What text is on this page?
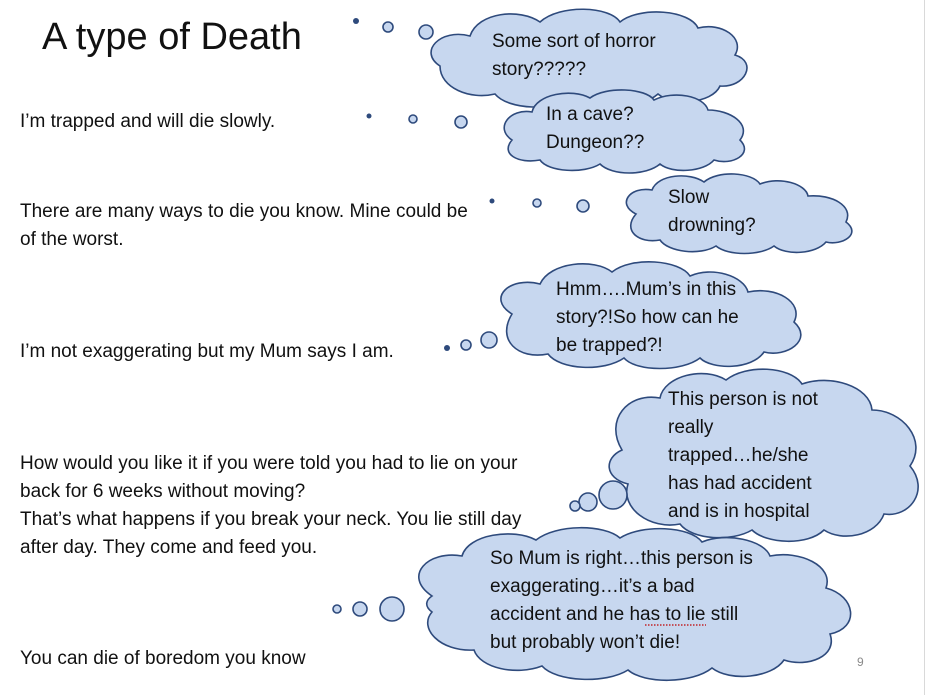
A type of Death
I’m trapped and will die slowly.
There are many ways to die you know. Mine could be
of the worst.
I’m not exaggerating but my Mum says I am.
How would you like it if you were told you had to lie on your
back for 6 weeks without moving?
That’s what happens if you break your neck. You lie still day
after day. They come and feed you.
You can die of boredom you know
Some sort of horror
story?????
In a cave?
Dungeon??
Slow
drowning?
Hmm….Mum’s in this
story?!So how can he
be trapped?!
This person is not
really
trapped…he/she
has had accident
and is in hospital
So Mum is right…this person is
exaggerating…it’s a bad
accident and he has to lie still
but probably won’t die!
9
